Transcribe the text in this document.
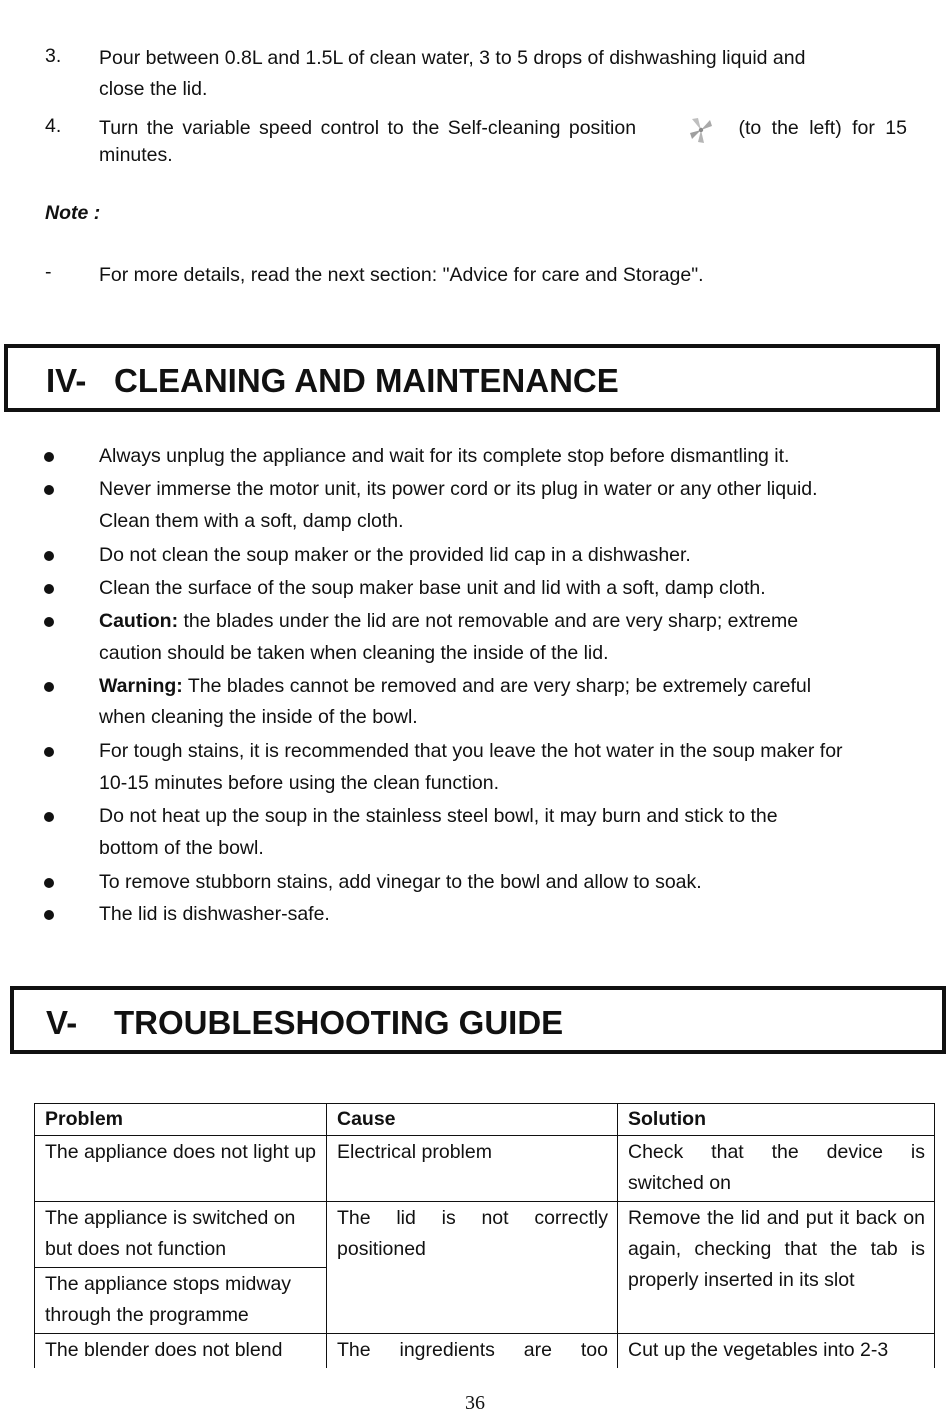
3. Pour between 0.8L and 1.5L of clean water, 3 to 5 drops of dishwashing liquid and
close the lid.
4. Turn the variable speed control to the Self-cleaning position	(to the left) for 15
minutes.
Note :
- For more details, read the next section: "Advice for care and Storage".
IV- CLEANING AND MAINTENANCE
Always unplug the appliance and wait for its complete stop before dismantling it.
Never immerse the motor unit, its power cord or its plug in water or any other liquid.
Clean them with a soft, damp cloth.
Do not clean the soup maker or the provided lid cap in a dishwasher.
Clean the surface of the soup maker base unit and lid with a soft, damp cloth.
Caution: the blades under the lid are not removable and are very sharp; extreme
caution should be taken when cleaning the inside of the lid.
Warning: The blades cannot be removed and are very sharp; be extremely careful
when cleaning the inside of the bowl.
For tough stains, it is recommended that you leave the hot water in the soup maker for
10-15 minutes before using the clean function.
Do not heat up the soup in the stainless steel bowl, it may burn and stick to the
bottom of the bowl.
To remove stubborn stains, add vinegar to the bowl and allow to soak.
The lid is dishwasher-safe.
V- TROUBLESHOOTING GUIDE
Problem	Cause	Solution
The appliance does not light up	Electrical problem	Check that the device is
switched on

The appliance is switched on but does not function	The lid is not correctly positioned	Remove the lid and put it back on again, checking that the tab is properly inserted in its slot

The appliance stops midway through the programme		
The blender does not blend	The ingredients are too	Cut up the vegetables into 2-3
36
